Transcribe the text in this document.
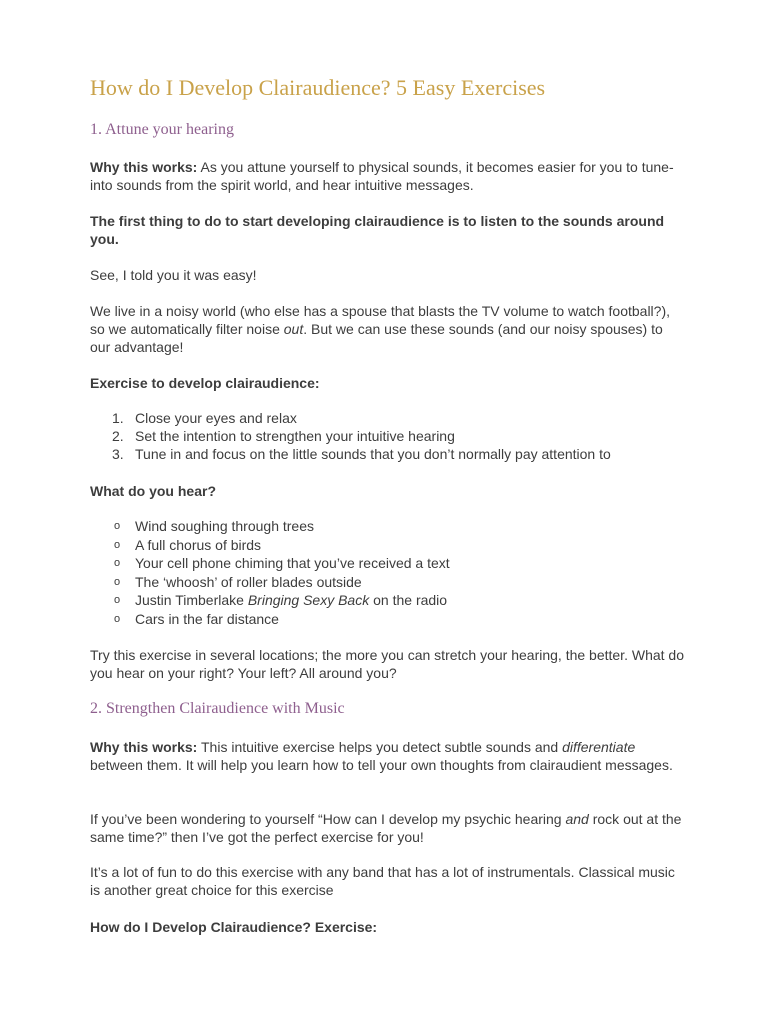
How do I Develop Clairaudience? 5 Easy Exercises
1. Attune your hearing

Why this works: As you attune yourself to physical sounds, it becomes easier for you to tune-into sounds from the spirit world, and hear intuitive messages.

The first thing to do to start developing clairaudience is to listen to the sounds around you.

See, I told you it was easy!

We live in a noisy world (who else has a spouse that blasts the TV volume to watch football?), so we automatically filter noise out. But we can use these sounds (and our noisy spouses) to our advantage!

Exercise to develop clairaudience:

1. Close your eyes and relax
2. Set the intention to strengthen your intuitive hearing
3. Tune in and focus on the little sounds that you don’t normally pay attention to

What do you hear?

o Wind soughing through trees
o A full chorus of birds
o Your cell phone chiming that you’ve received a text
o The ‘whoosh’ of roller blades outside
o Justin Timberlake Bringing Sexy Back on the radio
o Cars in the far distance

Try this exercise in several locations; the more you can stretch your hearing, the better. What do you hear on your right? Your left? All around you?

2. Strengthen Clairaudience with Music

Why this works: This intuitive exercise helps you detect subtle sounds and differentiate between them. It will help you learn how to tell your own thoughts from clairaudient messages.

If you’ve been wondering to yourself “How can I develop my psychic hearing and rock out at the same time?” then I’ve got the perfect exercise for you!

It’s a lot of fun to do this exercise with any band that has a lot of instrumentals. Classical music is another great choice for this exercise

How do I Develop Clairaudience? Exercise:
